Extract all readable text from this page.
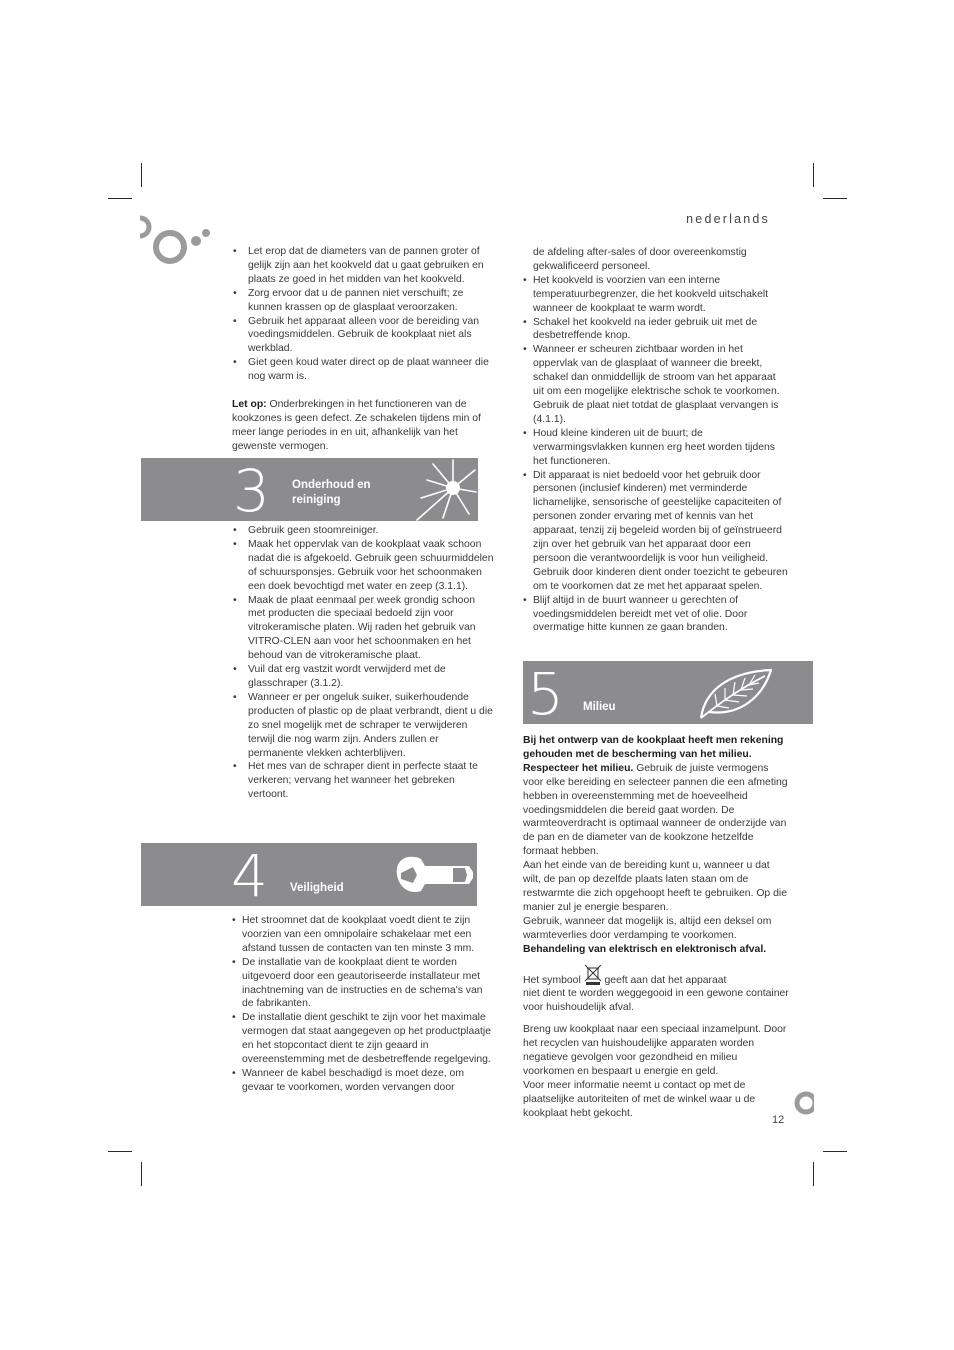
nederlands
• Let erop dat de diameters van de pannen groter of gelijk zijn aan het kookveld dat u gaat gebruiken en plaats ze goed in het midden van het kookveld.
• Zorg ervoor dat u de pannen niet verschuift; ze kunnen krassen op de glasplaat veroorzaken.
• Gebruik het apparaat alleen voor de bereiding van voedingsmiddelen. Gebruik de kookplaat niet als werkblad.
• Giet geen koud water direct op de plaat wanneer die nog warm is.

Let op: Onderbrekingen in het functioneren van de kookzones is geen defect. Ze schakelen tijdens min of meer lange periodes in en uit, afhankelijk van het gewenste vermogen.

3 Onderhoud en reiniging
• Gebruik geen stoomreiniger.
• Maak het oppervlak van de kookplaat vaak schoon nadat die is afgekoeld. Gebruik geen schuurmiddelen of schuursponsjes. Gebruik voor het schoonmaken een doek bevochtigd met water en zeep (3.1.1).
• Maak de plaat eenmaal per week grondig schoon met producten die speciaal bedoeld zijn voor vitrokeramische platen. Wij raden het gebruik van VITRO-CLEN aan voor het schoonmaken en het behoud van de vitrokeramische plaat.
• Vuil dat erg vastzit wordt verwijderd met de glasschraper (3.1.2).
• Wanneer er per ongeluk suiker, suikerhoudende producten of plastic op de plaat verbrandt, dient u die zo snel mogelijk met de schraper te verwijderen terwijl die nog warm zijn. Anders zullen er permanente vlekken achterblijven.
• Het mes van de schraper dient in perfecte staat te verkeren; vervang het wanneer het gebreken vertoont.
4 Veiligheid
• Het stroomnet dat de kookplaat voedt dient te zijn voorzien van een omnipolaire schakelaar met een afstand tussen de contacten van ten minste 3 mm.
• De installatie van de kookplaat dient te worden uitgevoerd door een geautoriseerde installateur met inachtneming van de instructies en de schema's van de fabrikanten.
• De installatie dient geschikt te zijn voor het maximale vermogen dat staat aangegeven op het productplaatje en het stopcontact dient te zijn geaard in overeenstemming met de desbetreffende regelgeving.
• Wanneer de kabel beschadigd is moet deze, om gevaar te voorkomen, worden vervangen door

de afdeling after-sales of door overeenkomstig gekwalificeerd personeel.

• Het kookveld is voorzien van een interne temperatuurbegrenzer, die het kookveld uitschakelt wanneer de kookplaat te warm wordt.
• Schakel het kookveld na ieder gebruik uit met de desbetreffende knop.
• Wanneer er scheuren zichtbaar worden in het oppervlak van de glasplaat of wanneer die breekt, schakel dan onmiddellijk de stroom van het apparaat uit om een mogelijke elektrische schok te voorkomen. Gebruik de plaat niet totdat de glasplaat vervangen is (4.1.1).
• Houd kleine kinderen uit de buurt; de verwarmingsvlakken kunnen erg heet worden tijdens het functioneren.
• Dit apparaat is niet bedoeld voor het gebruik door personen (inclusief kinderen) met verminderde lichamelijke, sensorische of geestelijke capaciteiten of personen zonder ervaring met of kennis van het apparaat, tenzij zij begeleid worden bij of geïnstrueerd zijn over het gebruik van het apparaat door een persoon die verantwoordelijk is voor hun veiligheid. Gebruik door kinderen dient onder toezicht te gebeuren om te voorkomen dat ze met het apparaat spelen.
• Blijf altijd in de buurt wanneer u gerechten of voedingsmiddelen bereidt met vet of olie. Door overmatige hitte kunnen ze gaan branden.
5 Milieu

Bij het ontwerp van de kookplaat heeft men rekening gehouden met de bescherming van het milieu. Respecteer het milieu. Gebruik de juiste vermogens voor elke bereiding en selecteer pannen die een afmeting hebben in overeenstemming met de hoeveelheid voedingsmiddelen die bereid gaat worden. De warmteoverdracht is optimaal wanneer de onderzijde van de pan en de diameter van de kookzone hetzelfde formaat hebben.

Aan het einde van de bereiding kunt u, wanneer u dat wilt, de pan op dezelfde plaats laten staan om de restwarmte die zich opgehoopt heeft te gebruiken. Op die manier zul je energie besparen.

Gebruik, wanneer dat mogelijk is, altijd een deksel om warmteverlies door verdamping te voorkomen.

Behandeling van elektrisch en elektronisch afval.

Het symbool  geeft aan dat het apparaat
niet dient te worden weggegooid in een gewone container voor huishoudelijk afval.

Breng uw kookplaat naar een speciaal inzamelpunt. Door het recyclen van huishoudelijke apparaten worden negatieve gevolgen voor gezondheid en milieu voorkomen en bespaart u energie en geld.

Voor meer informatie neemt u contact op met de plaatselijke autoriteiten of met de winkel waar u de kookplaat hebt gekocht.

12
